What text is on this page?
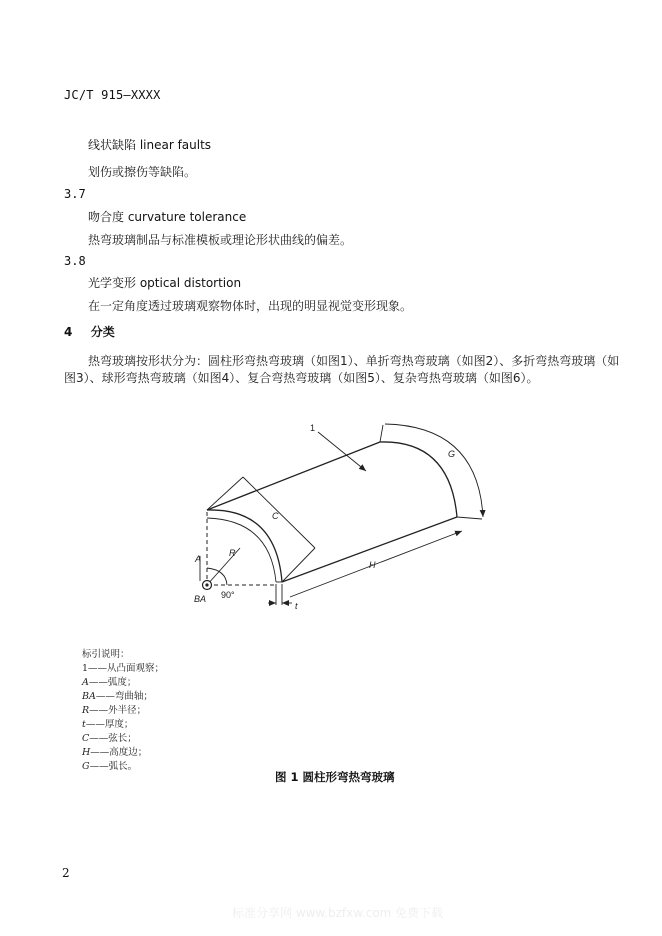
JC/T 915—XXXX
线状缺陷 linear faults
划伤或擦伤等缺陷。
3.7
吻合度 curvature tolerance
热弯玻璃制品与标准模板或理论形状曲线的偏差。
3.8
光学变形 optical distortion
在一定角度透过玻璃观察物体时，出现的明显视觉变形现象。
4 分类
热弯玻璃按形状分为：圆柱形弯热弯玻璃（如图1）、单折弯热弯玻璃（如图2）、多折弯热弯玻璃（如图3）、球形弯热弯玻璃（如图4）、复合弯热弯玻璃（如图5）、复杂弯热弯玻璃（如图6）。
1
G
C
R
A
H
BA 90°
t
标引说明：
1——从凸面观察；
A——弧度；
BA——弯曲轴；
R——外半径；
t——厚度；
C——弦长；
H——高度边；
G——弧长。
图 1 圆柱形弯热弯玻璃
2
标准分享网 www.bzfxw.com 免费下载
